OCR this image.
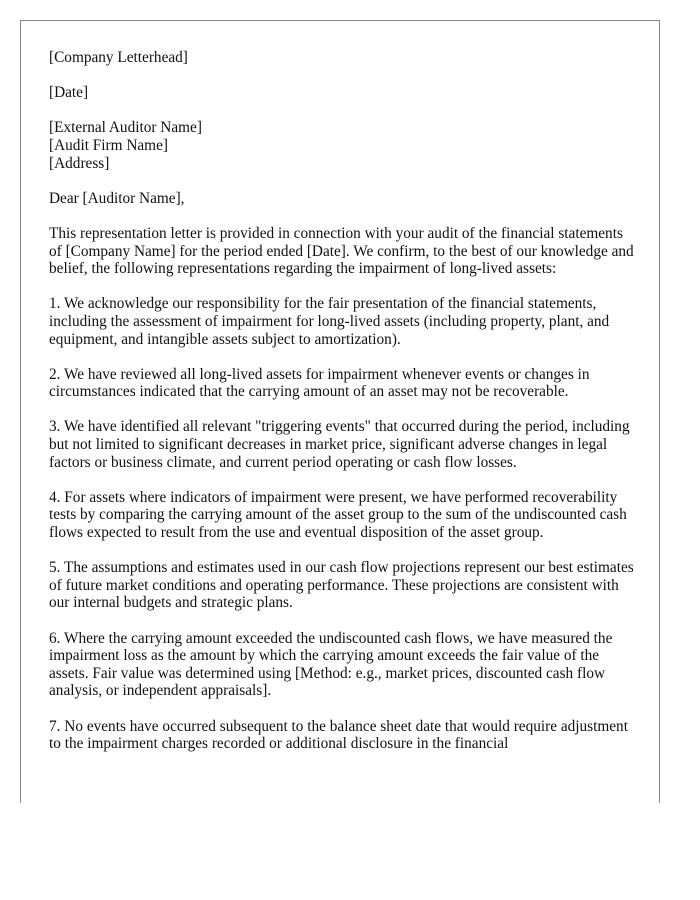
[Company Letterhead]

[Date]

[External Auditor Name]
[Audit Firm Name]
[Address]

Dear [Auditor Name],

This representation letter is provided in connection with your audit of the financial statements of [Company Name] for the period ended [Date]. We confirm, to the best of our knowledge and belief, the following representations regarding the impairment of long-lived assets:

1. We acknowledge our responsibility for the fair presentation of the financial statements, including the assessment of impairment for long-lived assets (including property, plant, and equipment, and intangible assets subject to amortization).

2. We have reviewed all long-lived assets for impairment whenever events or changes in circumstances indicated that the carrying amount of an asset may not be recoverable.

3. We have identified all relevant "triggering events" that occurred during the period, including but not limited to significant decreases in market price, significant adverse changes in legal factors or business climate, and current period operating or cash flow losses.

4. For assets where indicators of impairment were present, we have performed recoverability tests by comparing the carrying amount of the asset group to the sum of the undiscounted cash flows expected to result from the use and eventual disposition of the asset group.

5. The assumptions and estimates used in our cash flow projections represent our best estimates of future market conditions and operating performance. These projections are consistent with our internal budgets and strategic plans.

6. Where the carrying amount exceeded the undiscounted cash flows, we have measured the impairment loss as the amount by which the carrying amount exceeds the fair value of the assets. Fair value was determined using [Method: e.g., market prices, discounted cash flow analysis, or independent appraisals].

7. No events have occurred subsequent to the balance sheet date that would require adjustment to the impairment charges recorded or additional disclosure in the financial
